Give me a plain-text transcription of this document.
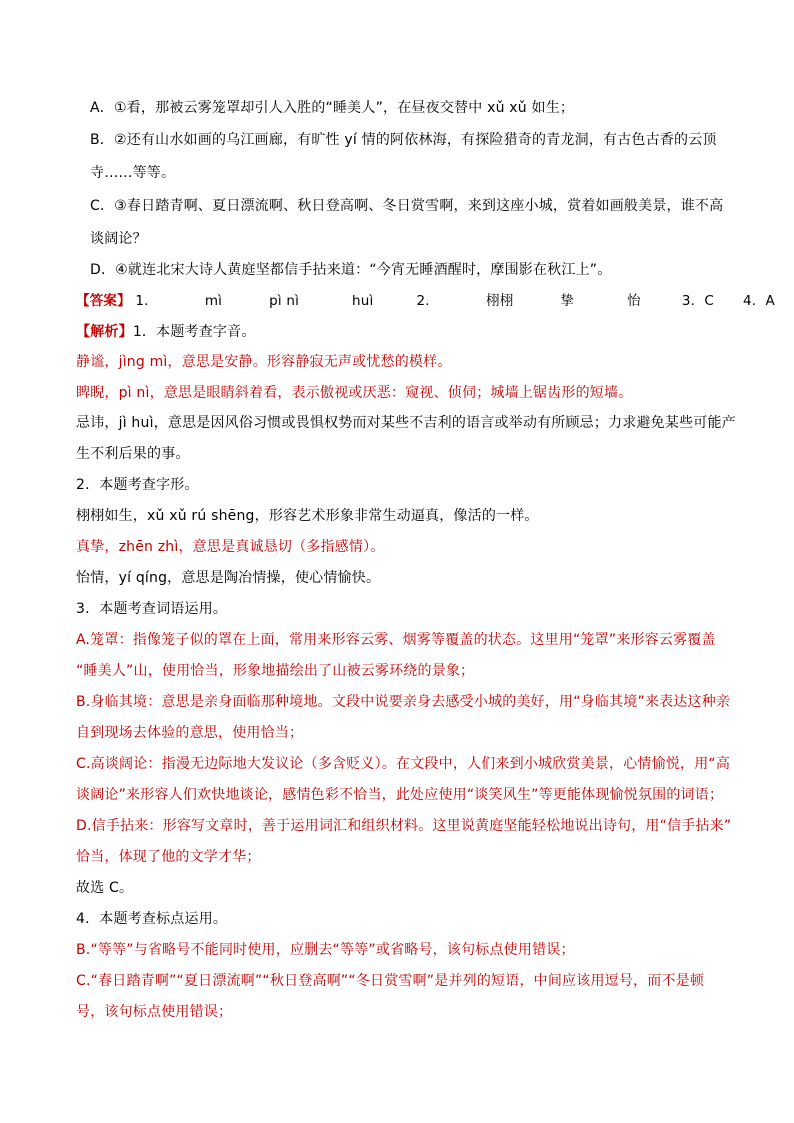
A．①看，那被云雾笼罩却引人入胜的“睡美人”，在昼夜交替中 xǔ xǔ 如生；
B．②还有山水如画的乌江画廊，有旷性 yí 情的阿依林海，有探险猎奇的青龙洞，有古色古香的云顶
寺……等等。
C．③春日踏青啊、夏日漂流啊、秋日登高啊、冬日赏雪啊，来到这座小城，赏着如画般美景，谁不高
谈阔论？
D．④就连北宋大诗人黄庭坚都信手拈来道：“今宵无睡酒醒时，摩围影在秋江上”。
【答案】 1．	mì	pì nì	huì	2．	栩栩	挚	怡	3．C 4．A
【解析】1．本题考查字音。
静谧，jìng mì，意思是安静。形容静寂无声或忧愁的模样。
睥睨，pì nì，意思是眼睛斜着看，表示傲视或厌恶：窥视、侦伺；城墙上锯齿形的短墙。
忌讳，jì huì，意思是因风俗习惯或畏惧权势而对某些不吉利的语言或举动有所顾忌；力求避免某些可能产
生不利后果的事。
2．本题考查字形。
栩栩如生，xǔ xǔ rú shēng，形容艺术形象非常生动逼真，像活的一样。
真挚，zhēn zhì，意思是真诚恳切（多指感情）。
怡情，yí qíng，意思是陶冶情操，使心情愉快。
3．本题考查词语运用。
A.笼罩：指像笼子似的罩在上面，常用来形容云雾、烟雾等覆盖的状态。这里用“笼罩”来形容云雾覆盖
“睡美人”山，使用恰当，形象地描绘出了山被云雾环绕的景象；
B.身临其境：意思是亲身面临那种境地。文段中说要亲身去感受小城的美好，用“身临其境”来表达这种亲
自到现场去体验的意思，使用恰当；
C.高谈阔论：指漫无边际地大发议论（多含贬义）。在文段中，人们来到小城欣赏美景，心情愉悦，用“高
谈阔论”来形容人们欢快地谈论，感情色彩不恰当，此处应使用“谈笑风生”等更能体现愉悦氛围的词语；
D.信手拈来：形容写文章时，善于运用词汇和组织材料。这里说黄庭坚能轻松地说出诗句，用“信手拈来”
恰当，体现了他的文学才华；
故选 C。
4．本题考查标点运用。
B.“等等”与省略号不能同时使用，应删去“等等”或省略号，该句标点使用错误；
C.“春日踏青啊”“夏日漂流啊”“秋日登高啊”“冬日赏雪啊”是并列的短语，中间应该用逗号，而不是顿
号，该句标点使用错误；
